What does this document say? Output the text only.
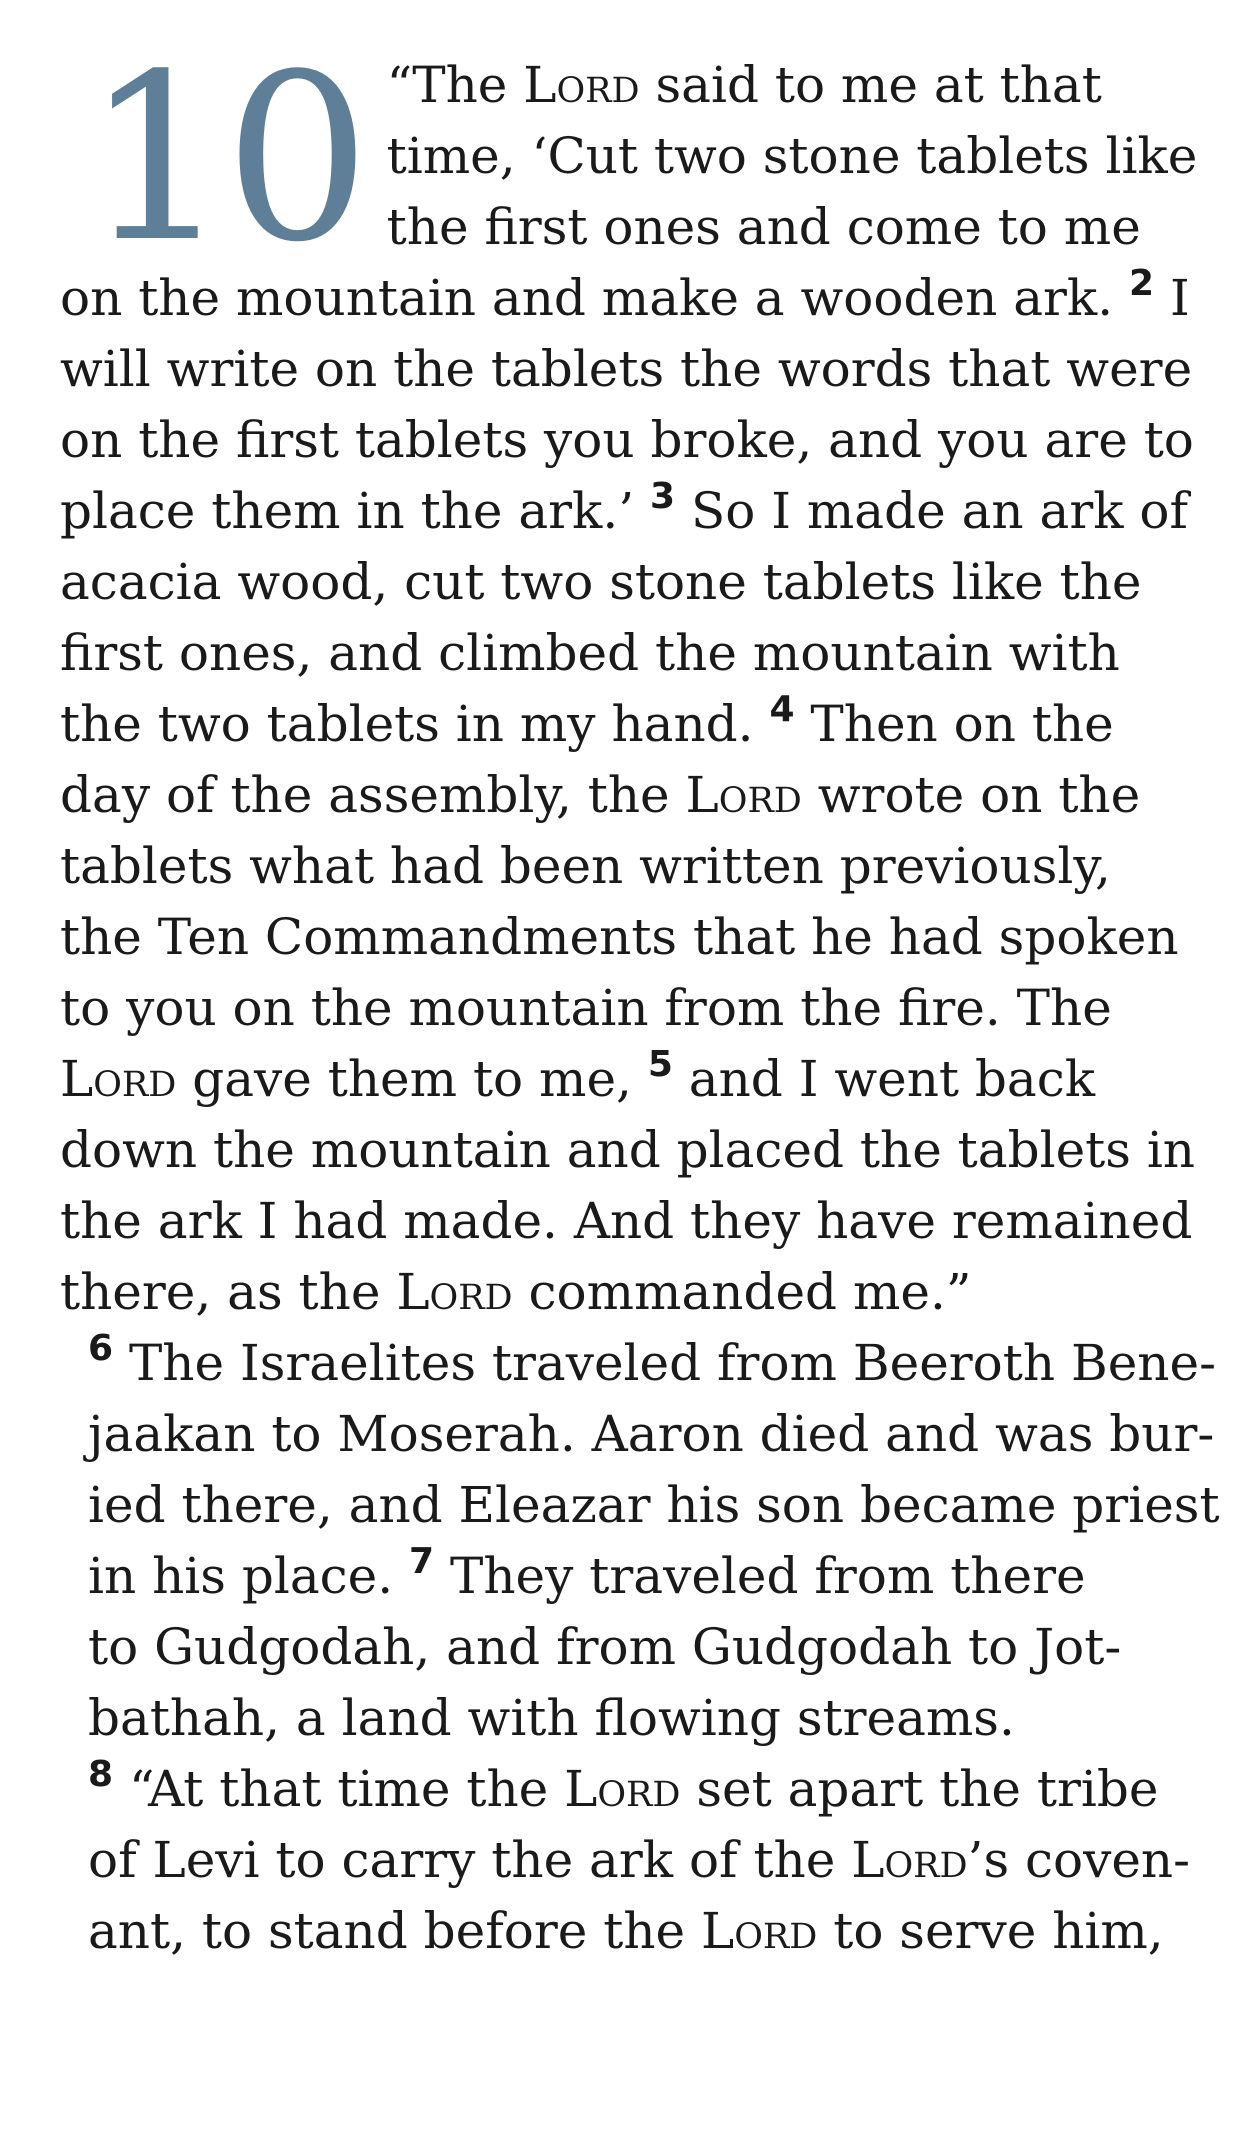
10 “The Lord said to me at that
time, ‘Cut two stone tablets like
the first ones and come to me
on the mountain and make a wooden ark. $^2$ I
will write on the tablets the words that were
on the first tablets you broke, and you are to
place them in the ark.’ $^3$ So I made an ark of
acacia wood, cut two stone tablets like the
first ones, and climbed the mountain with
the two tablets in my hand. $^4$ Then on the
day of the assembly, the Lord wrote on the
tablets what had been written previously,
the Ten Commandments that he had spoken
to you on the mountain from the fire. The
Lord gave them to me, $^5$ and I went back
down the mountain and placed the tablets in
the ark I had made. And they have remained
there, as the Lord commanded me.”

$^6$ The Israelites traveled from Beeroth Bene-
jaakan to Moserah. Aaron died and was bur-
ied there, and Eleazar his son became priest
in his place. $^7$ They traveled from there
to Gudgodah, and from Gudgodah to Jot-
bathah, a land with flowing streams.

$^8$ “At that time the Lord set apart the tribe
of Levi to carry the ark of the Lord’s coven-
ant, to stand before the Lord to serve him,
